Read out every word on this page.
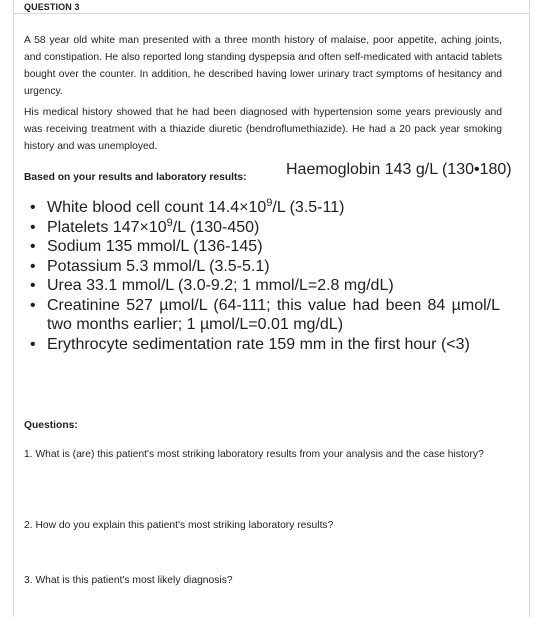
QUESTION 3

A 58 year old white man presented with a three month history of malaise, poor appetite, aching joints, and constipation. He also reported long standing dyspepsia and often self-medicated with antacid tablets bought over the counter. In addition, he described having lower urinary tract symptoms of hesitancy and urgency.

His medical history showed that he had been diagnosed with hypertension some years previously and was receiving treatment with a thiazide diuretic (bendroflumethiazide). He had a 20 pack year smoking history and was unemployed.

Based on your results and laboratory results: Haemoglobin 143 g/L (130•180)
• White blood cell count $14.4\times 10^9/L$ (3.5-11)
• Platelets $147\times 10^9/L$ (130-450)
• Sodium 135 mmol/L (136-145)
• Potassium 5.3 mmol/L (3.5-5.1)
• Urea 33.1 mmol/L (3.0-9.2; 1 mmol/L=2.8 mg/dL)
• Creatinine 527 µmol/L (64-111; this value had been 84 µmol/L two months earlier; 1 µmol/L=0.01 mg/dL)
• Erythrocyte sedimentation rate 159 mm in the first hour (<3)
Questions:

1. What is (are) this patient's most striking laboratory results from your analysis and the case history?

2. How do you explain this patient's most striking laboratory results?

3. What is this patient's most likely diagnosis?
